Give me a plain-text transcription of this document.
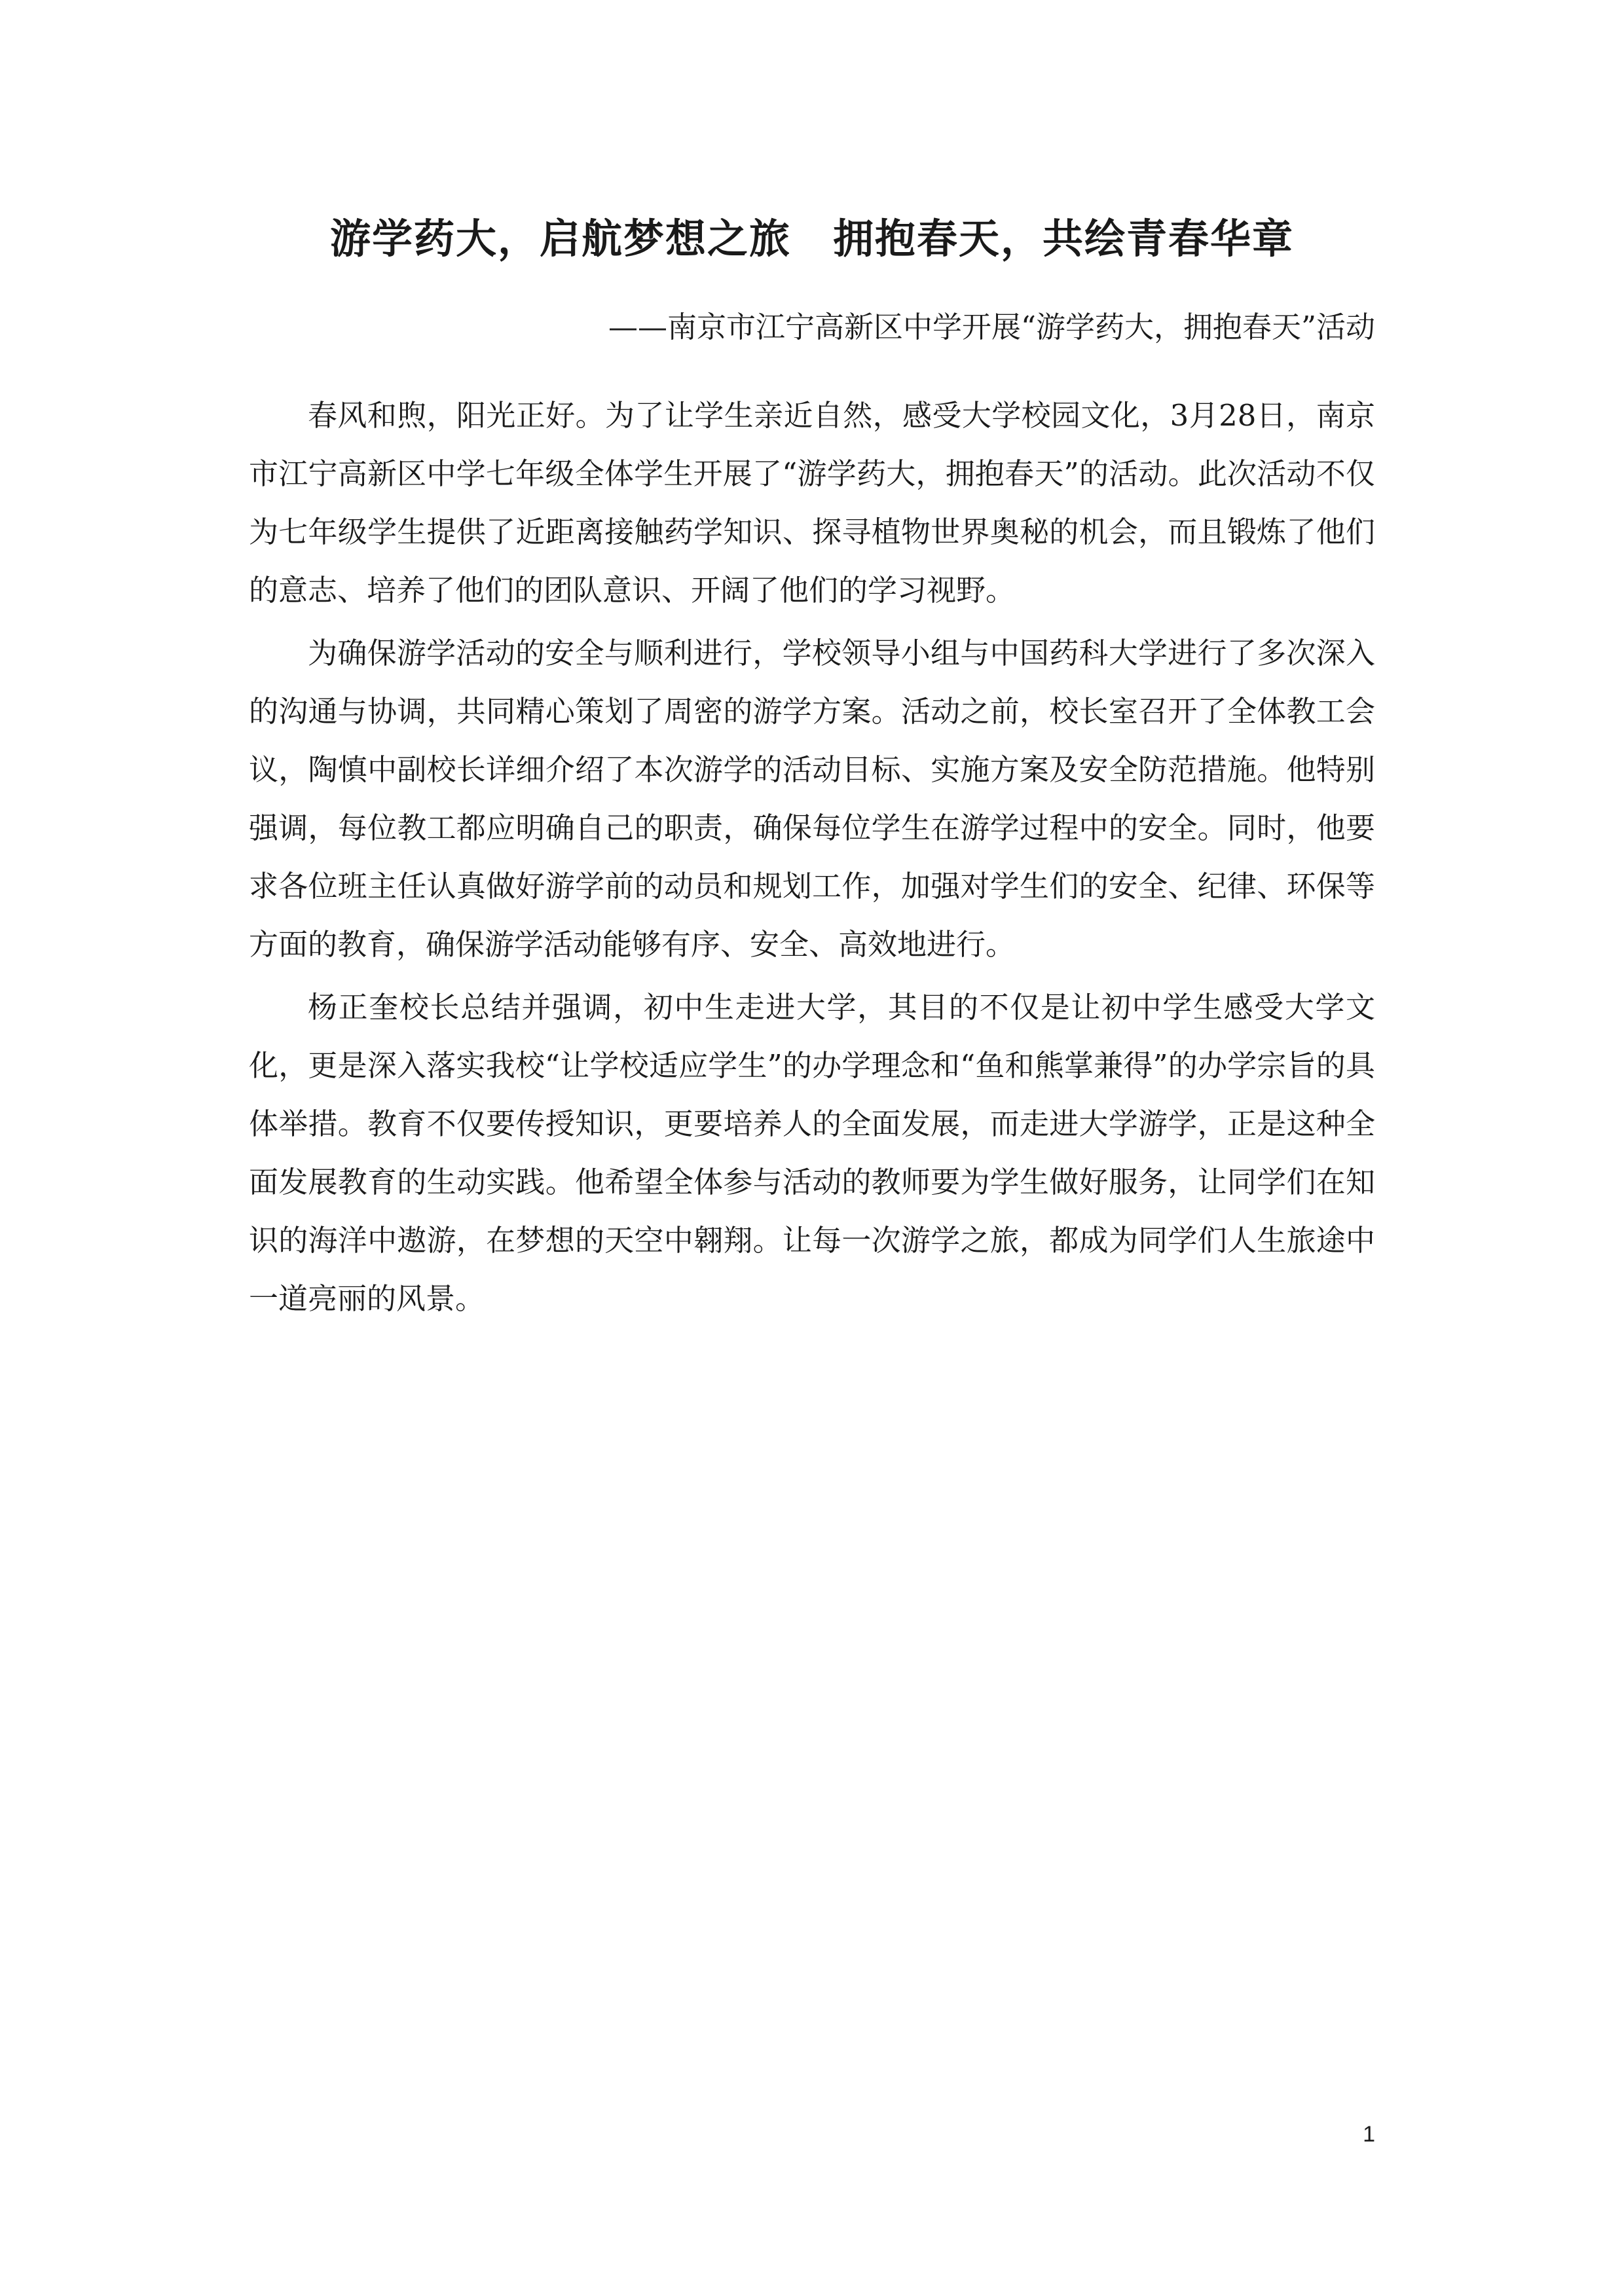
游学药大，启航梦想之旅　拥抱春天，共绘青春华章

——南京市江宁高新区中学开展“游学药大，拥抱春天”活动

春风和煦，阳光正好。为了让学生亲近自然，感受大学校园文化，3月28日，南京市江宁高新区中学七年级全体学生开展了“游学药大，拥抱春天”的活动。此次活动不仅为七年级学生提供了近距离接触药学知识、探寻植物世界奥秘的机会，而且锻炼了他们的意志、培养了他们的团队意识、开阔了他们的学习视野。

为确保游学活动的安全与顺利进行，学校领导小组与中国药科大学进行了多次深入的沟通与协调，共同精心策划了周密的游学方案。活动之前，校长室召开了全体教工会议，陶慎中副校长详细介绍了本次游学的活动目标、实施方案及安全防范措施。他特别强调，每位教工都应明确自己的职责，确保每位学生在游学过程中的安全。同时，他要求各位班主任认真做好游学前的动员和规划工作，加强对学生们的安全、纪律、环保等方面的教育，确保游学活动能够有序、安全、高效地进行。

杨正奎校长总结并强调，初中生走进大学，其目的不仅是让初中学生感受大学文化，更是深入落实我校“让学校适应学生”的办学理念和“鱼和熊掌兼得”的办学宗旨的具体举措。教育不仅要传授知识，更要培养人的全面发展，而走进大学游学，正是这种全面发展教育的生动实践。他希望全体参与活动的教师要为学生做好服务，让同学们在知识的海洋中遨游，在梦想的天空中翱翔。让每一次游学之旅，都成为同学们人生旅途中一道亮丽的风景。

1
